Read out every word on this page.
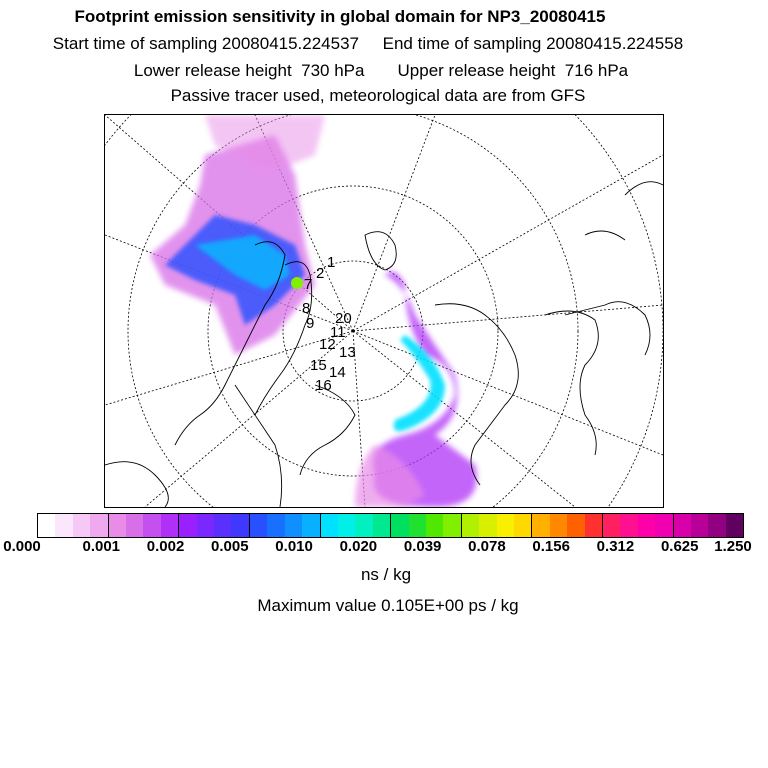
Footprint emission sensitivity in global domain for NP3_20080415
Start time of sampling 20080415.224537     End time of sampling 20080415.224558
Lower release height  730 hPa       Upper release height  716 hPa
Passive tracer used, meteorological data are from GFS
1
2
7
8
9 20
11
12 13
14
15
16
0.000	0.001 0.002 0.005 0.010 0.020 0.039 0.078 0.156 0.312 0.625 1.250
ns / kg
Maximum value 0.105E+00 ps / kg
